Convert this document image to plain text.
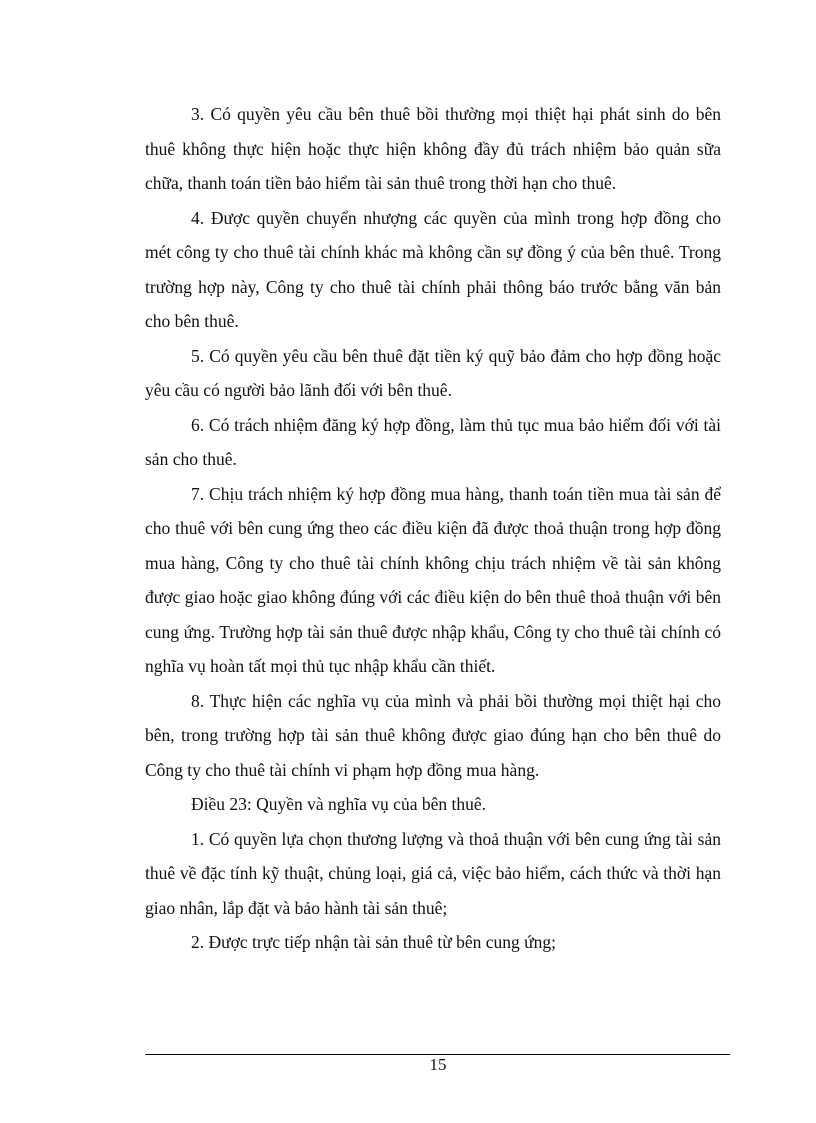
3. Có quyền yêu cầu bên thuê bồi thường mọi thiệt hại phát sinh do bên thuê không thực hiện hoặc thực hiện không đầy đủ trách nhiệm bảo quản sữa chữa, thanh toán tiền bảo hiểm tài sản thuê trong thời hạn cho thuê.

4. Được quyền chuyển nhượng các quyền của mình trong hợp đồng cho mét công ty cho thuê tài chính khác mà không cần sự đồng ý của bên thuê. Trong trường hợp này, Công ty cho thuê tài chính phải thông báo trước bằng văn bản cho bên thuê.

5. Có quyền yêu cầu bên thuê đặt tiền ký quỹ bảo đảm cho hợp đồng hoặc yêu cầu có người bảo lãnh đối với bên thuê.

6. Có trách nhiệm đăng ký hợp đồng, làm thủ tục mua bảo hiểm đối với tài sản cho thuê.

7. Chịu trách nhiệm ký hợp đồng mua hàng, thanh toán tiền mua tài sản để cho thuê với bên cung ứng theo các điều kiện đã được thoả thuận trong hợp đồng mua hàng, Công ty cho thuê tài chính không chịu trách nhiệm về tài sản không được giao hoặc giao không đúng với các điều kiện do bên thuê thoả thuận với bên cung ứng. Trường hợp tài sản thuê được nhập khẩu, Công ty cho thuê tài chính có nghĩa vụ hoàn tất mọi thủ tục nhập khẩu cần thiết.

8. Thực hiện các nghĩa vụ của mình và phải bồi thường mọi thiệt hại cho bên, trong trường hợp tài sản thuê không được giao đúng hạn cho bên thuê do Công ty cho thuê tài chính vi phạm hợp đồng mua hàng.

Điều 23: Quyền và nghĩa vụ của bên thuê.

1. Có quyền lựa chọn thương lượng và thoả thuận với bên cung ứng tài sản thuê về đặc tính kỹ thuật, chủng loại, giá cả, việc bảo hiểm, cách thức và thời hạn giao nhân, lắp đặt và bảo hành tài sản thuê;

2. Được trực tiếp nhận tài sản thuê từ bên cung ứng;

15
